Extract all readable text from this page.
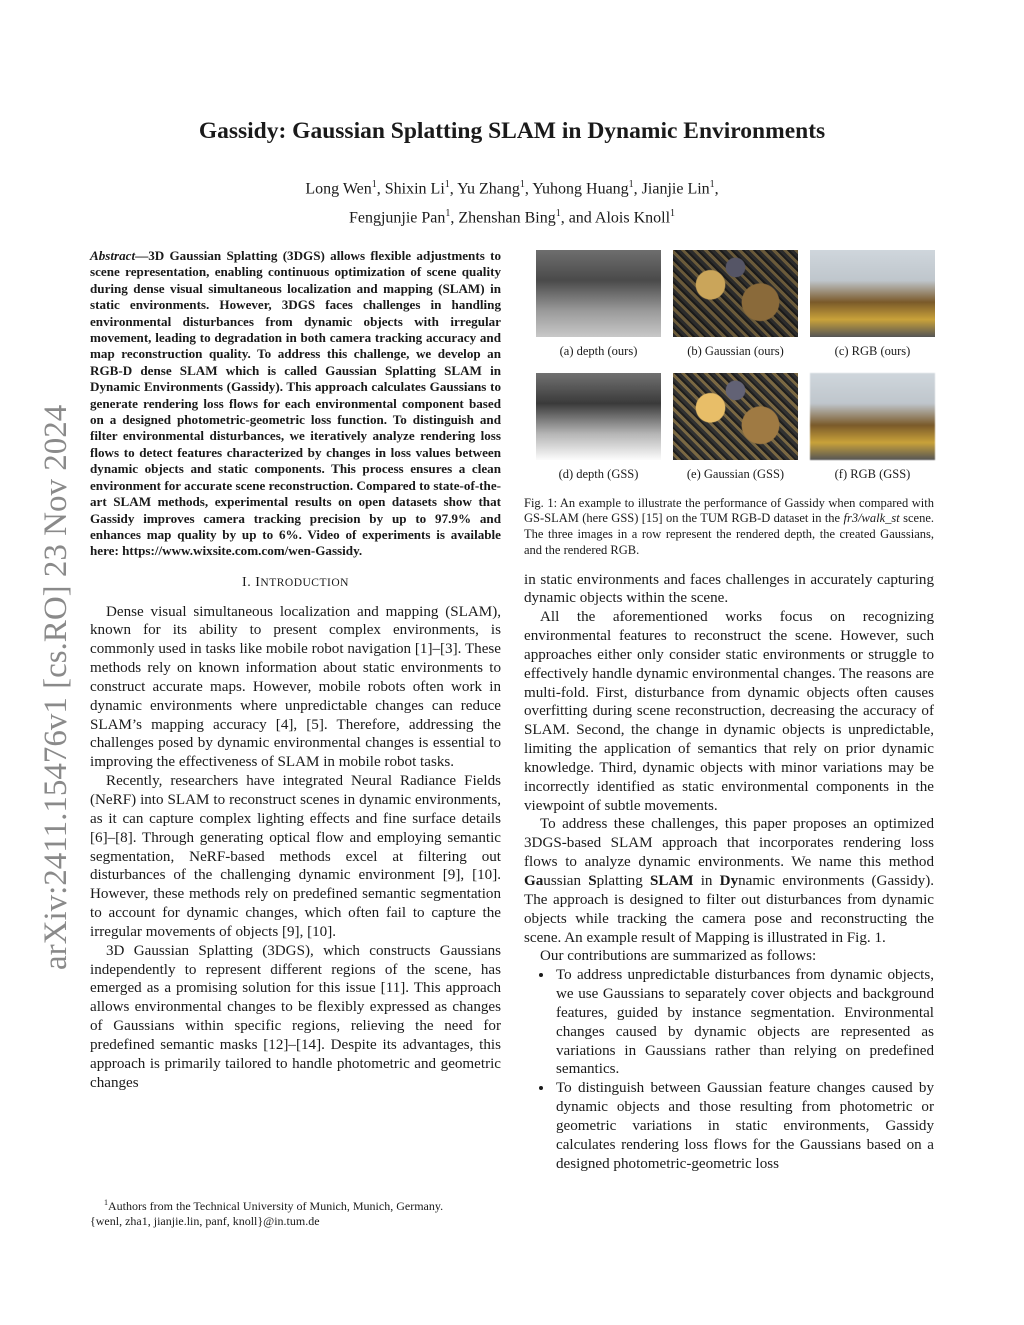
arXiv:2411.15476v1 [cs.RO] 23 Nov 2024
Gassidy: Gaussian Splatting SLAM in Dynamic Environments
Long Wen$^1$, Shixin Li$^1$, Yu Zhang$^1$, Yuhong Huang$^1$, Jianjie Lin$^1$,
Fengjunjie Pan$^1$, Zhenshan Bing$^1$, and Alois Knoll$^1$

Abstract—3D Gaussian Splatting (3DGS) allows flexible adjustments to scene representation, enabling continuous optimization of scene quality during dense visual simultaneous localization and mapping (SLAM) in static environments. However, 3DGS faces challenges in handling environmental disturbances from dynamic objects with irregular movement, leading to degradation in both camera tracking accuracy and map reconstruction quality. To address this challenge, we develop an RGB-D dense SLAM which is called Gaussian Splatting SLAM in Dynamic Environments (Gassidy). This approach calculates Gaussians to generate rendering loss flows for each environmental component based on a designed photometric-geometric loss function. To distinguish and filter environmental disturbances, we iteratively analyze rendering loss flows to detect features characterized by changes in loss values between dynamic objects and static components. This process ensures a clean environment for accurate scene reconstruction. Compared to state-of-the-art SLAM methods, experimental results on open datasets show that Gassidy improves camera tracking precision by up to 97.9% and enhances map quality by up to 6%. Video of experiments is available here: https://www.wixsite.com.com/wen-Gassidy.

I. INTRODUCTION

Dense visual simultaneous localization and mapping (SLAM), known for its ability to present complex environments, is commonly used in tasks like mobile robot navigation [1]–[3]. These methods rely on known information about static environments to construct accurate maps. However, mobile robots often work in dynamic environments where unpredictable changes can reduce SLAM’s mapping accuracy [4], [5]. Therefore, addressing the challenges posed by dynamic environmental changes is essential to improving the effectiveness of SLAM in mobile robot tasks.

Recently, researchers have integrated Neural Radiance Fields (NeRF) into SLAM to reconstruct scenes in dynamic environments, as it can capture complex lighting effects and fine surface details [6]–[8]. Through generating optical flow and employing semantic segmentation, NeRF-based methods excel at filtering out disturbances of the challenging dynamic environment [9], [10]. However, these methods rely on predefined semantic segmentation to account for dynamic changes, which often fail to capture the irregular movements of objects [9], [10].

3D Gaussian Splatting (3DGS), which constructs Gaussians independently to represent different regions of the scene, has emerged as a promising solution for this issue [11]. This approach allows environmental changes to be flexibly expressed as changes of Gaussians within specific regions, relieving the need for predefined semantic masks [12]–[14]. Despite its advantages, this approach is primarily tailored to handle photometric and geometric changes

$^1$Authors from the Technical University of Munich, Munich, Germany.
{wenl, zha1, jianjie.lin, panf, knoll}@in.tum.de
(a) depth (ours)	(b) Gaussian (ours)	(c) RGB (ours)
(d) depth (GSS)	(e) Gaussian (GSS)	(f) RGB (GSS)

Fig. 1: An example to illustrate the performance of Gassidy when compared with GS-SLAM (here GSS) [15] on the TUM RGB-D dataset in the fr3/walk_st scene. The three images in a row represent the rendered depth, the created Gaussians, and the rendered RGB.

in static environments and faces challenges in accurately capturing dynamic objects within the scene.

All the aforementioned works focus on recognizing environmental features to reconstruct the scene. However, such approaches either only consider static environments or struggle to effectively handle dynamic environmental changes. The reasons are multi-fold. First, disturbance from dynamic objects often causes overfitting during scene reconstruction, decreasing the accuracy of SLAM. Second, the change in dynamic objects is unpredictable, limiting the application of semantics that rely on prior dynamic knowledge. Third, dynamic objects with minor variations may be incorrectly identified as static environmental components in the viewpoint of subtle movements.

To address these challenges, this paper proposes an optimized 3DGS-based SLAM approach that incorporates rendering loss flows to analyze dynamic environments. We name this method Gaussian Splatting SLAM in Dynamic environments (Gassidy). The approach is designed to filter out disturbances from dynamic objects while tracking the camera pose and reconstructing the scene. An example result of Mapping is illustrated in Fig. 1.

Our contributions are summarized as follows:

• To address unpredictable disturbances from dynamic objects, we use Gaussians to separately cover objects and background features, guided by instance segmentation. Environmental changes caused by dynamic objects are represented as variations in Gaussians rather than relying on predefined semantics.
• To distinguish between Gaussian feature changes caused by dynamic objects and those resulting from photometric or geometric variations in static environments, Gassidy calculates rendering loss flows for the Gaussians based on a designed photometric-geometric loss
